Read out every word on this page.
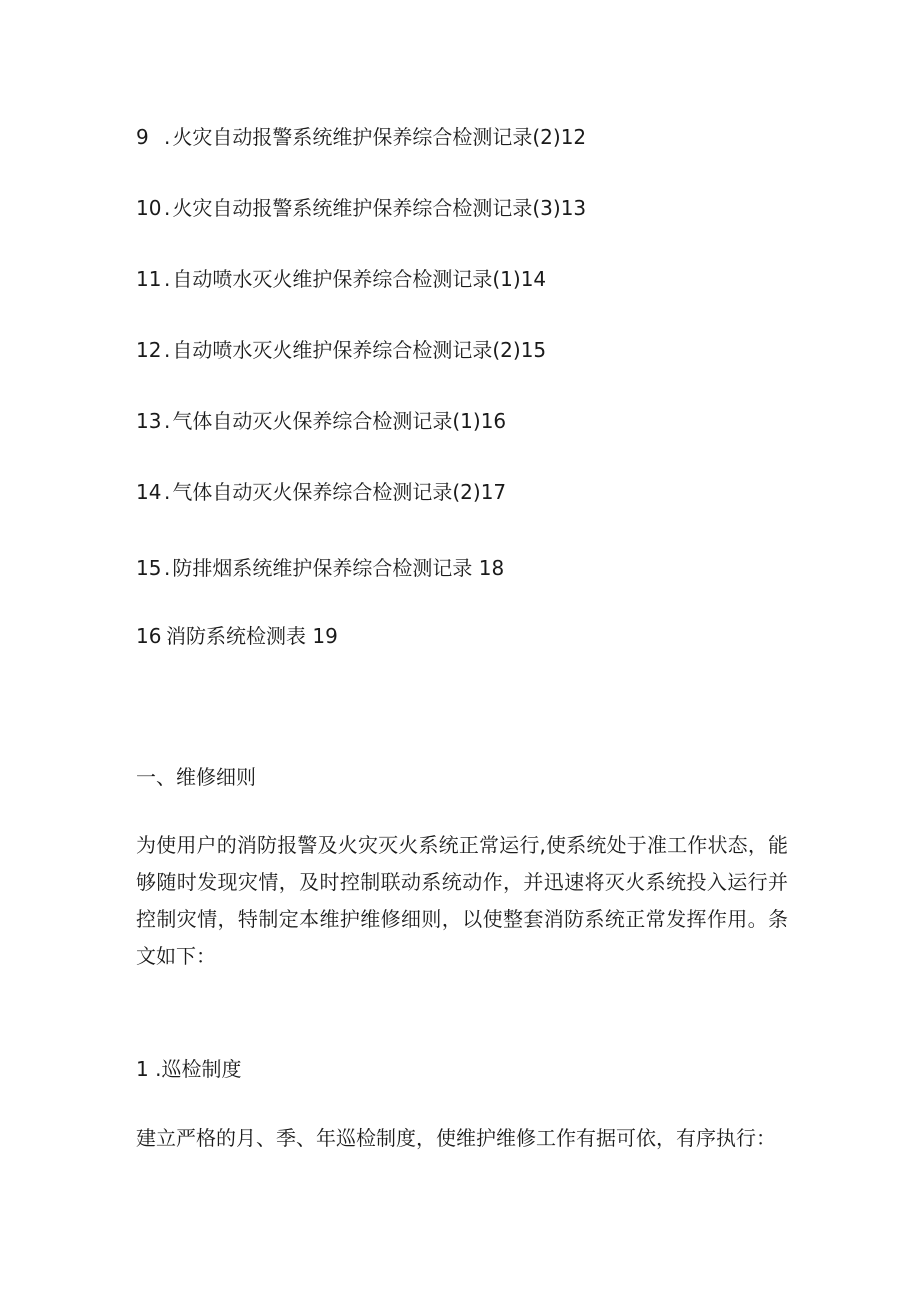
9. 火灾自动报警系统维护保养综合检测记录(2)12
10. 火灾自动报警系统维护保养综合检测记录(3)13
11. 自动喷水灭火维护保养综合检测记录(1)14
12. 自动喷水灭火维护保养综合检测记录(2)15
13. 气体自动灭火保养综合检测记录(1)16
14. 气体自动灭火保养综合检测记录(2)17
15. 防排烟系统维护保养综合检测记录 18
16 消防系统检测表 19
一、维修细则
为使用户的消防报警及火灾灭火系统正常运行,使系统处于准工作状态，能
够随时发现灾情，及时控制联动系统动作，并迅速将灭火系统投入运行并
控制灾情，特制定本维护维修细则，以使整套消防系统正常发挥作用。条
文如下：
1 .巡检制度
建立严格的月、季、年巡检制度，使维护维修工作有据可依，有序执行：
